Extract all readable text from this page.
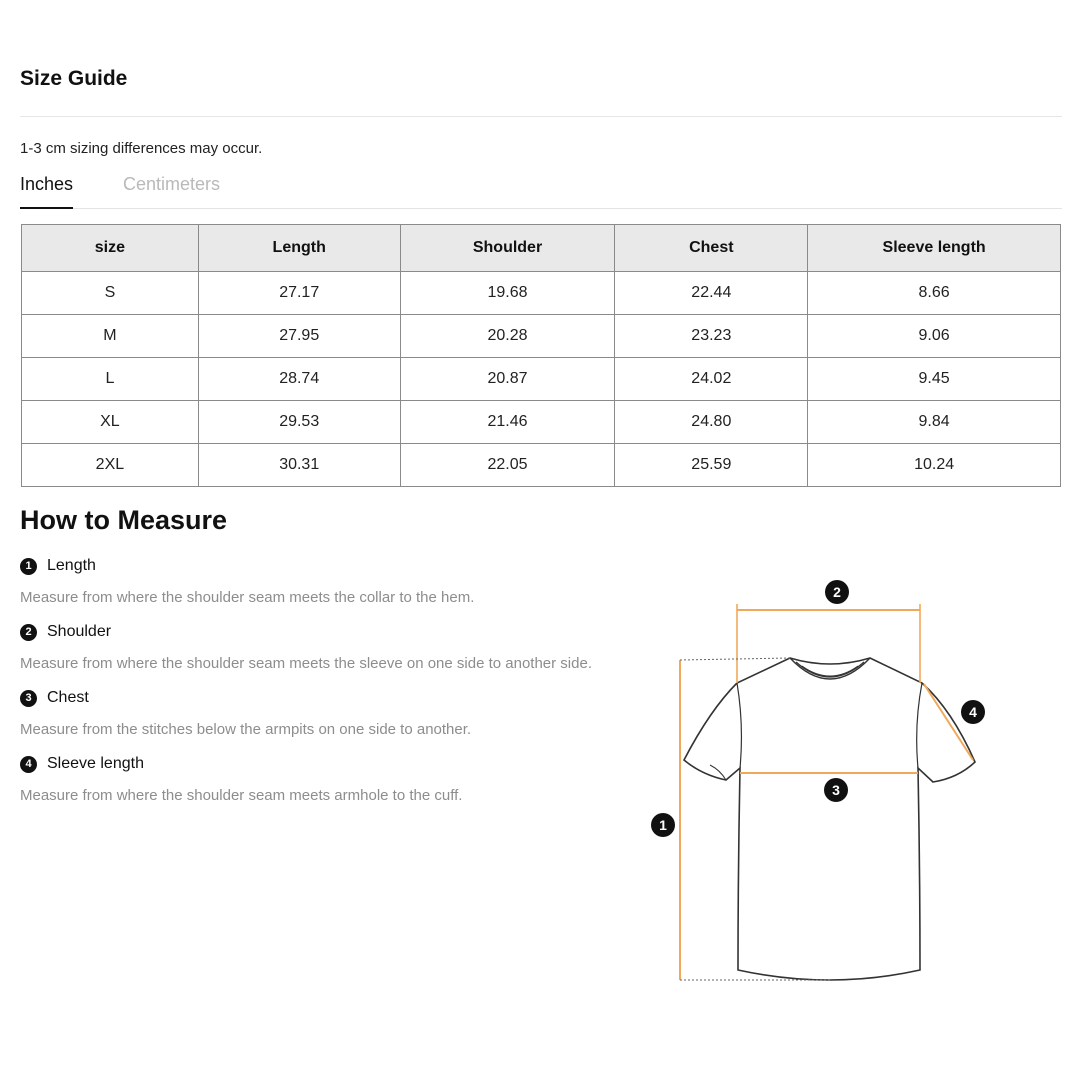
Size Guide
1-3 cm sizing differences may occur.
Inches	Centimeters
size	Length	Shoulder	Chest	Sleeve length
S	27.17	19.68	22.44	8.66
M	27.95	20.28	23.23	9.06
L	28.74	20.87	24.02	9.45
XL	29.53	21.46	24.80	9.84
2XL	30.31	22.05	25.59	10.24
How to Measure
1 Length
Measure from where the shoulder seam meets the collar to the hem.
2 Shoulder
Measure from where the shoulder seam meets the sleeve on one side to another side.
3 Chest
Measure from the stitches below the armpits on one side to another.
4 Sleeve length
Measure from where the shoulder seam meets armhole to the cuff.
2
4
3
1
